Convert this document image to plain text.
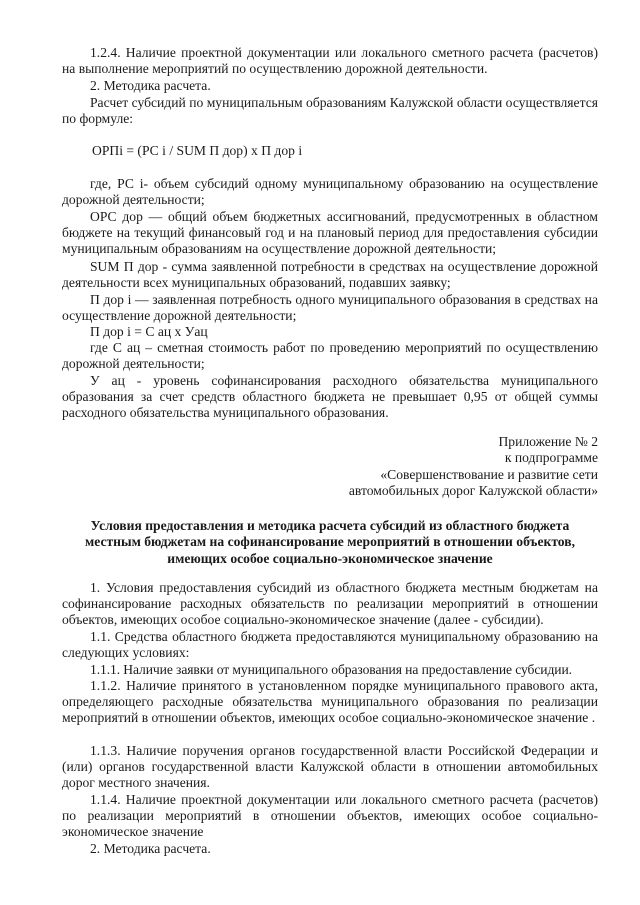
1.2.4. Наличие проектной документации или локального сметного расчета (расчетов) на выполнение мероприятий по осуществлению дорожной деятельности.

2. Методика расчета.

Расчет субсидий по муниципальным образованиям Калужской области осуществляется по формуле:

ОРПi = (РС i / SUM П дор) x П дор i

где, РС i- объем субсидий одному муниципальному образованию на осуществление дорожной деятельности;

ОРС дор — общий объем бюджетных ассигнований, предусмотренных в областном бюджете на текущий финансовый год и на плановый период для предоставления субсидии муниципальным образованиям на осуществление дорожной деятельности;

SUM П дор - сумма заявленной потребности в средствах на осуществление дорожной деятельности всех муниципальных образований, подавших заявку;

П дор i — заявленная потребность одного муниципального образования в средствах на осуществление дорожной деятельности;

П дор i = С ац х Уац

где С ац – сметная стоимость работ по проведению мероприятий по осуществлению дорожной деятельности;

У ац - уровень софинансирования расходного обязательства муниципального образования за счет средств областного бюджета не превышает 0,95 от общей суммы расходного обязательства муниципального образования.

Приложение № 2
к подпрограмме
«Совершенствование и развитие сети
автомобильных дорог Калужской области»
Условия предоставления и методика расчета субсидий из областного бюджета
местным бюджетам на софинансирование мероприятий в отношении объектов,
имеющих особое социально-экономическое значение

1. Условия предоставления субсидий из областного бюджета местным бюджетам на софинансирование расходных обязательств по реализации мероприятий в отношении объектов, имеющих особое социально-экономическое значение (далее - субсидии).

1.1. Средства областного бюджета предоставляются муниципальному образованию на следующих условиях:

1.1.1. Наличие заявки от муниципального образования на предоставление субсидии.

1.1.2. Наличие принятого в установленном порядке муниципального правового акта, определяющего расходные обязательства муниципального образования по реализации мероприятий в отношении объектов, имеющих особое социально-экономическое значение .

1.1.3. Наличие поручения органов государственной власти Российской Федерации и (или) органов государственной власти Калужской области в отношении автомобильных дорог местного значения.

1.1.4. Наличие проектной документации или локального сметного расчета (расчетов) по реализации мероприятий в отношении объектов, имеющих особое социально-экономическое значение

2. Методика расчета.
